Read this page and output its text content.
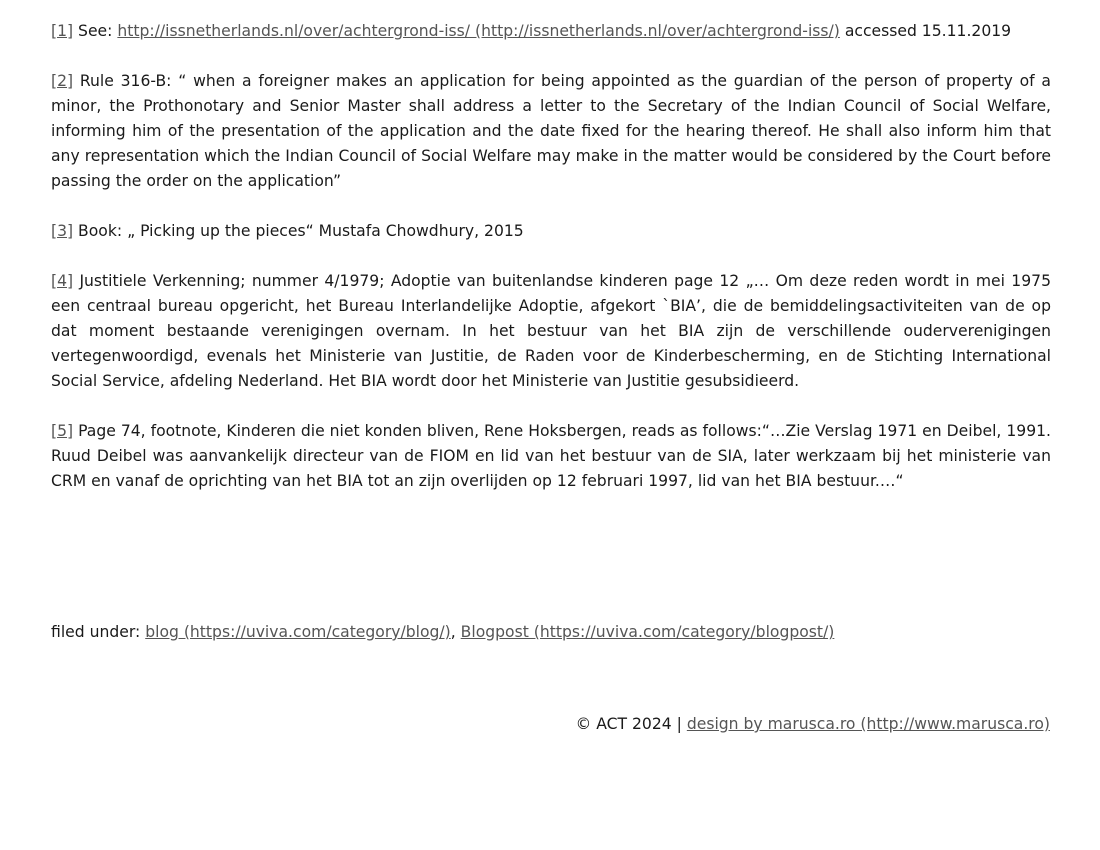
[1] See: http://issnetherlands.nl/over/achtergrond-iss/ (http://issnetherlands.nl/over/achtergrond-iss/) accessed 15.11.2019

[2] Rule 316-B: “ when a foreigner makes an application for being appointed as the guardian of the person of property of a minor, the Prothonotary and Senior Master shall address a letter to the Secretary of the Indian Council of Social Welfare, informing him of the presentation of the application and the date fixed for the hearing thereof. He shall also inform him that any representation which the Indian Council of Social Welfare may make in the matter would be considered by the Court before passing the order on the application”

[3] Book: „ Picking up the pieces“ Mustafa Chowdhury, 2015

[4] Justitiele Verkenning; nummer 4/1979; Adoptie van buitenlandse kinderen page 12 „… Om deze reden wordt in mei 1975 een centraal bureau opgericht, het Bureau Interlandelijke Adoptie, afgekort `BIA’, die de bemiddelingsactiviteiten van de op dat moment bestaande verenigingen overnam. In het bestuur van het BIA zijn de verschillende ouderverenigingen vertegenwoordigd, evenals het Ministerie van Justitie, de Raden voor de Kinderbescherming, en de Stichting International Social Service, afdeling Nederland. Het BIA wordt door het Ministerie van Justitie gesubsidieerd.

[5] Page 74, footnote, Kinderen die niet konden bliven, Rene Hoksbergen, reads as follows:“…Zie Verslag 1971 en Deibel, 1991. Ruud Deibel was aanvankelijk directeur van de FIOM en lid van het bestuur van de SIA, later werkzaam bij het ministerie van CRM en vanaf de oprichting van het BIA tot an zijn overlijden op 12 februari 1997, lid van het BIA bestuur.…“

filed under: blog (https://uviva.com/category/blog/), Blogpost (https://uviva.com/category/blogpost/)
© ACT 2024 | design by marusca.ro (http://www.marusca.ro)
